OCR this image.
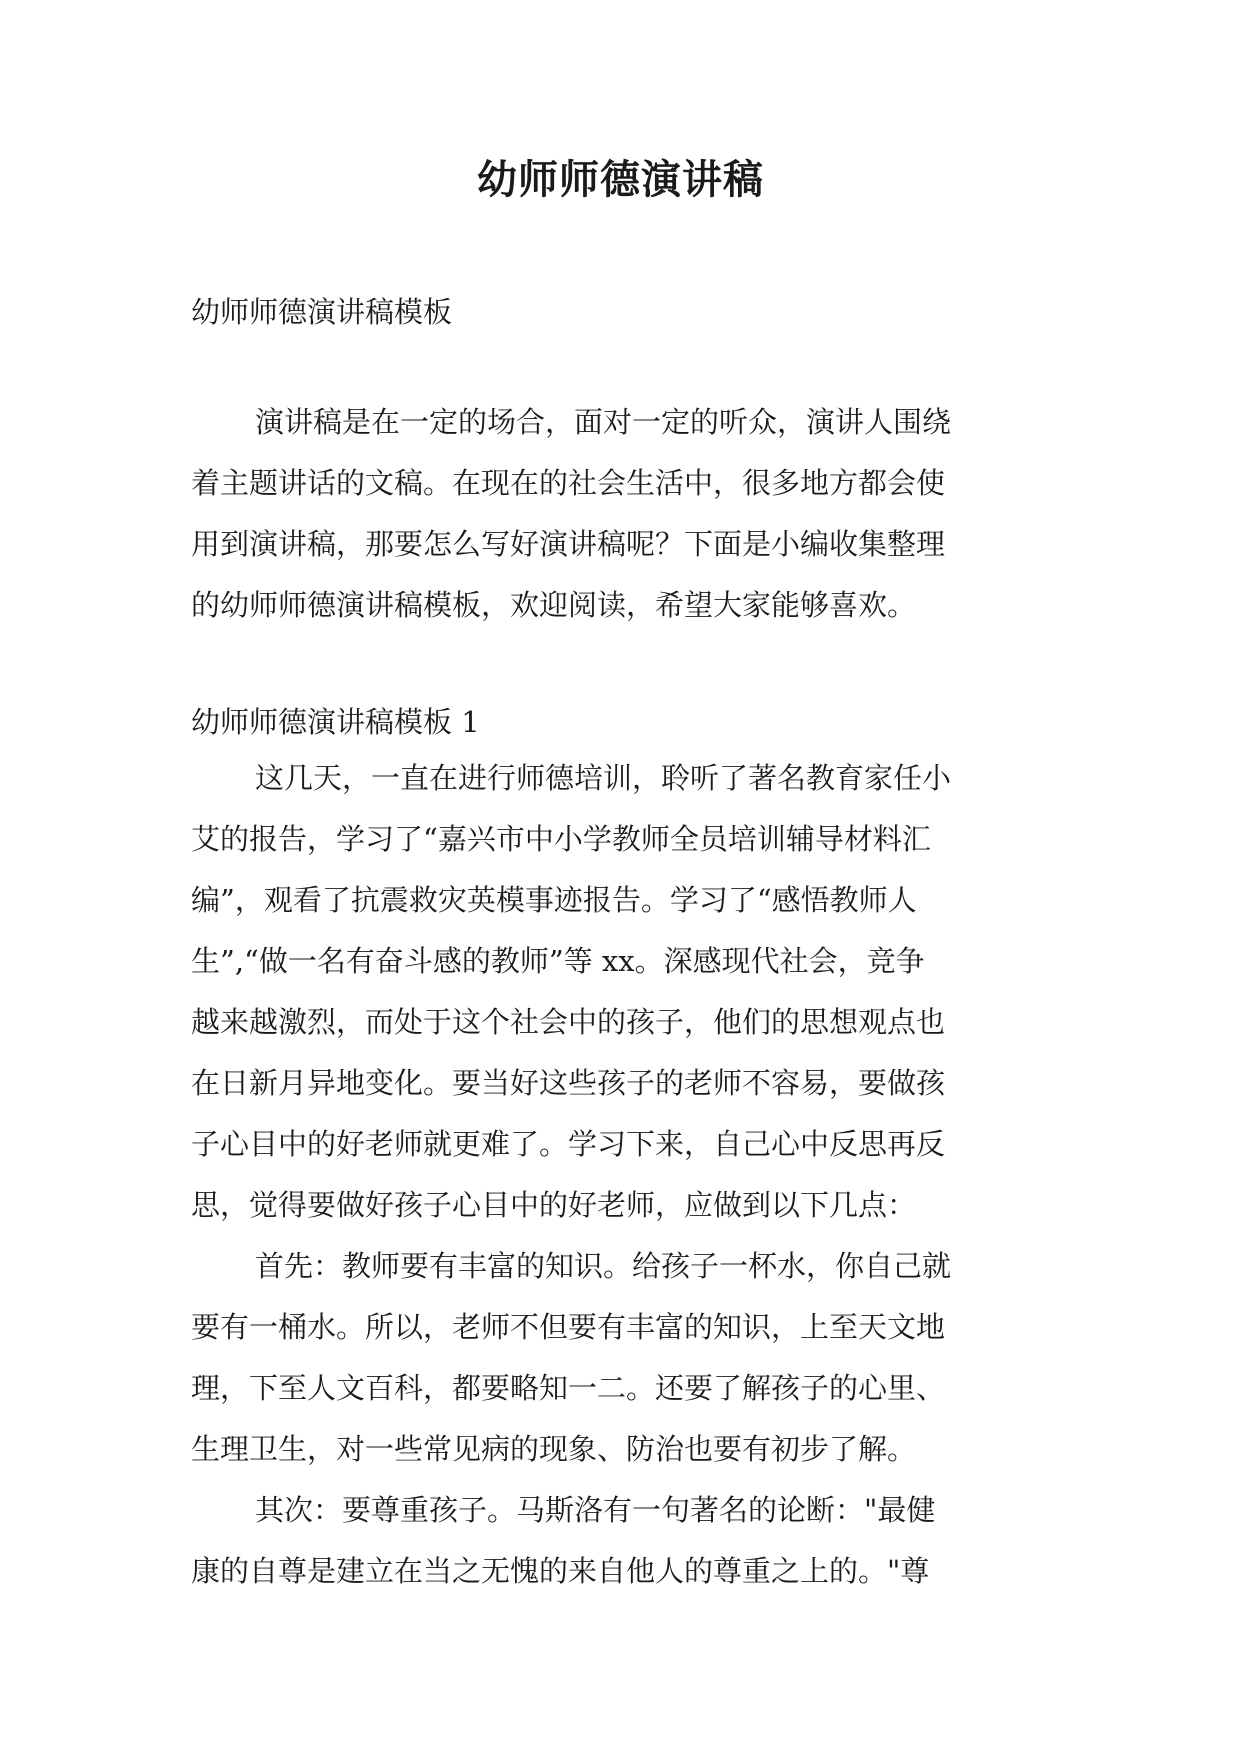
幼师师德演讲稿
幼师师德演讲稿模板
演讲稿是在一定的场合，面对一定的听众，演讲人围绕
着主题讲话的文稿。在现在的社会生活中，很多地方都会使
用到演讲稿，那要怎么写好演讲稿呢？下面是小编收集整理
的幼师师德演讲稿模板，欢迎阅读，希望大家能够喜欢。
幼师师德演讲稿模板 1
这几天，一直在进行师德培训，聆听了著名教育家任小
艾的报告，学习了“嘉兴市中小学教师全员培训辅导材料汇
编”，观看了抗震救灾英模事迹报告。学习了“感悟教师人
生”,“做一名有奋斗感的教师”等 xx。深感现代社会，竞争
越来越激烈，而处于这个社会中的孩子，他们的思想观点也
在日新月异地变化。要当好这些孩子的老师不容易，要做孩
子心目中的好老师就更难了。学习下来，自己心中反思再反
思，觉得要做好孩子心目中的好老师，应做到以下几点：
首先：教师要有丰富的知识。给孩子一杯水，你自己就
要有一桶水。所以，老师不但要有丰富的知识，上至天文地
理，下至人文百科，都要略知一二。还要了解孩子的心里、
生理卫生，对一些常见病的现象、防治也要有初步了解。
其次：要尊重孩子。马斯洛有一句著名的论断："最健
康的自尊是建立在当之无愧的来自他人的尊重之上的。"尊
